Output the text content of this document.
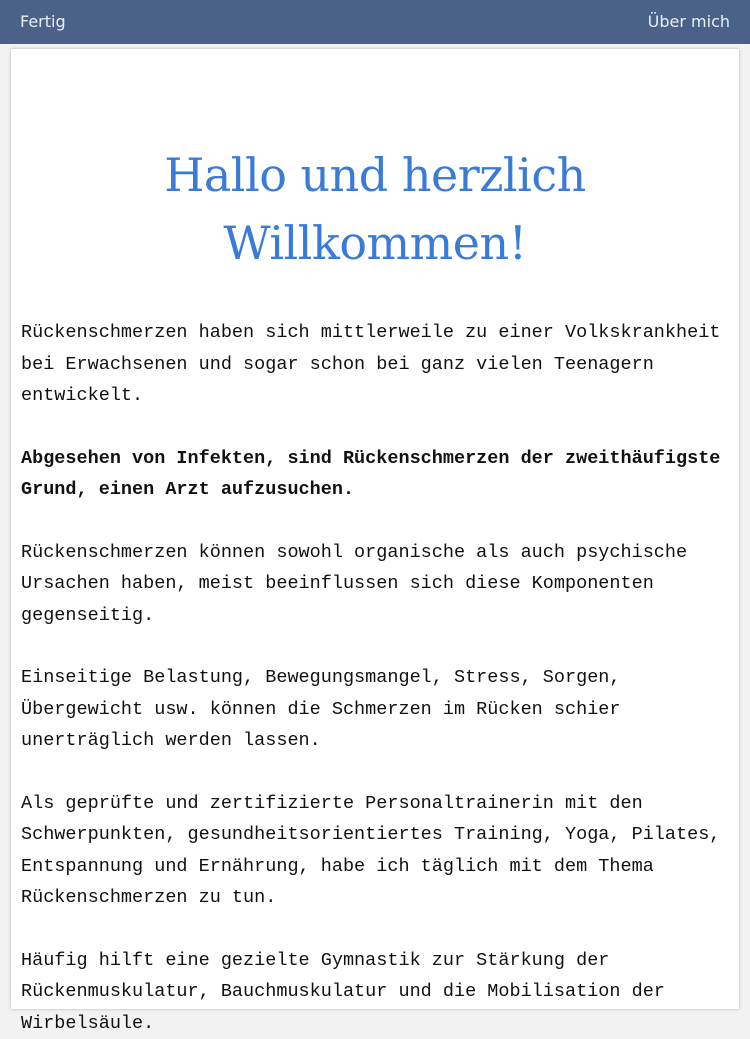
Fertig	Über mich
Hallo und herzlich
Willkommen!

Rückenschmerzen haben sich mittlerweile zu einer Volkskrankheit bei Erwachsenen und sogar schon bei ganz vielen Teenagern entwickelt.

Abgesehen von Infekten, sind Rückenschmerzen der zweithäufigste Grund, einen Arzt aufzusuchen.

Rückenschmerzen können sowohl organische als auch psychische Ursachen haben, meist beeinflussen sich diese Komponenten gegenseitig.

Einseitige Belastung, Bewegungsmangel, Stress, Sorgen, Übergewicht usw. können die Schmerzen im Rücken schier unerträglich werden lassen.

Als geprüfte und zertifizierte Personaltrainerin mit den Schwerpunkten, gesundheitsorientiertes Training, Yoga, Pilates, Entspannung und Ernährung, habe ich täglich mit dem Thema Rückenschmerzen zu tun.

Häufig hilft eine gezielte Gymnastik zur Stärkung der Rückenmuskulatur, Bauchmuskulatur und die Mobilisation der Wirbelsäule.
